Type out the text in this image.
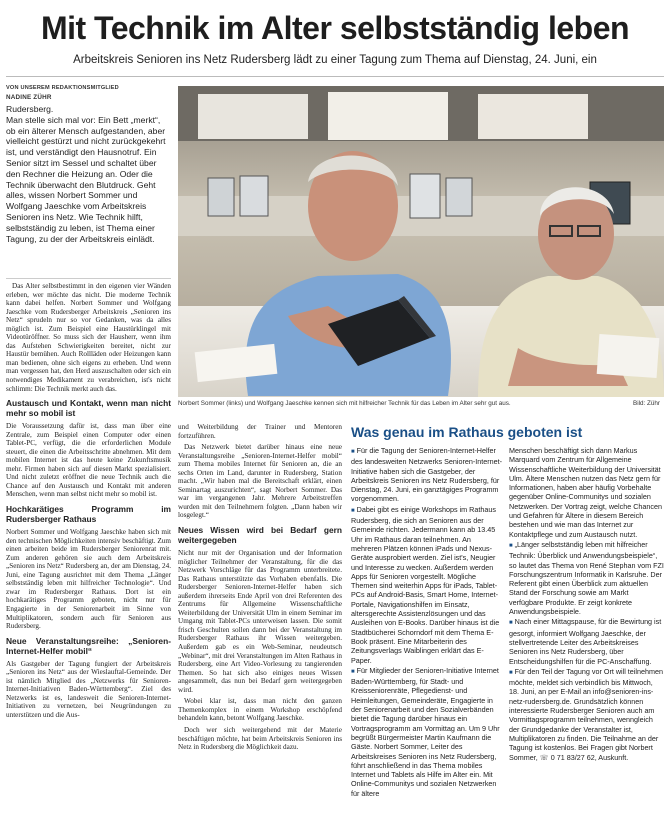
Mit Technik im Alter selbstständig leben
Arbeitskreis Senioren ins Netz Rudersberg lädt zu einer Tagung zum Thema auf Dienstag, 24. Juni, ein
VON UNSEREM REDAKTIONSMITGLIED
NADINE ZÜHR

Rudersberg.

Man stelle sich mal vor: Ein Bett „merkt“, ob ein älterer Mensch aufgestanden, aber vielleicht gestürzt und nicht zurückgekehrt ist, und verständigt den Hausnotruf. Ein Senior sitzt im Sessel und schaltet über den Rechner die Heizung an. Oder die Technik überwacht den Blutdruck. Geht alles, wissen Norbert Sommer und Wolfgang Jaeschke vom Arbeitskreis Senioren ins Netz. Wie Technik hilft, selbstständig zu leben, ist Thema einer Tagung, zu der der Arbeitskreis einlädt.

Das Alter selbstbestimmt in den eigenen vier Wänden erleben, wer möchte das nicht. Die moderne Technik kann dabei helfen. Norbert Sommer und Wolfgang Jaeschke vom Rudersberger Arbeitskreis „Senioren ins Netz“ sprudeln nur so vor Gedanken, was da alles möglich ist. Zum Beispiel eine Haustürklingel mit Videotüröffner. So muss sich der Hausherr, wenn ihm das Aufstehen Schwierigkeiten bereitet, nicht zur Haustür bemühen. Auch Rollläden oder Heizungen kann man bedienen, ohne sich eigens zu erheben. Und wenn man vergessen hat, den Herd auszuschalten oder sich ein notwendiges Medikament zu verabreichen, ist's nicht schlimm: Die Technik merkt auch das.

Austausch und Kontakt, wenn man nicht mehr so mobil ist

Die Voraussetzung dafür ist, dass man über eine Zentrale, zum Beispiel einen Computer oder einen Tablet-PC, verfügt, die die erforderlichen Module steuert, die einen die Arbeitsschritte abnehmen. Mit dem mobilen Internet ist das heute keine Zukunftsmusik mehr. Firmen haben sich auf diesen Markt spezialisiert. Und nicht zuletzt eröffnet die neue Technik auch die Chance auf den Austausch und Kontakt mit anderen Menschen, wenn man selbst nicht mehr so mobil ist.

Hochkarätiges Programm im Rudersberger Rathaus

Norbert Sommer und Wolfgang Jaeschke haben sich mit den technischen Möglichkeiten intensiv beschäftigt. Zum einen arbeiten beide im Rudersberger Seniorenrat mit. Zum anderen gehören sie auch dem Arbeitskreis „Senioren ins Netz“ Rudersberg an, der am Dienstag, 24. Juni, eine Tagung ausrichtet mit dem Thema „Länger selbstständig leben mit hilfreicher Technologie“. Und zwar im Rudersberger Rathaus. Dort ist ein hochkarätiges Programm geboten, nicht nur für Engagierte in der Seniorenarbeit im Sinne von Multiplikatoren, sondern auch für Senioren aus Rudersberg.

Neue Veranstaltungsreihe: „Senioren-Internet-Helfer mobil“

Als Gastgeber der Tagung fungiert der Arbeitskreis „Senioren ins Netz“ aus der Wieslauftal-Gemeinde. Der ist nämlich Mitglied des „Netzwerks für Senioren-Internet-Initiativen Baden-Württemberg“. Ziel des Netzwerks ist es, landesweit die Senioren-Internet-Initiativen zu vernetzen, bei Neugründungen zu unterstützen und die Aus-

Norbert Sommer (links) und Wolfgang Jaeschke kennen sich mit hilfreicher Technik für das Leben im Alter sehr gut aus.	Bild: Zühr

und Weiterbildung der Trainer und Mentoren fortzuführen.

Das Netzwerk bietet darüber hinaus eine neue Veranstaltungsreihe „Senioren-Internet-Helfer mobil“ zum Thema mobiles Internet für Senioren an, die an sechs Orten im Land, darunter in Rudersberg, Station macht. „Wir haben mal die Bereitschaft erklärt, einen Seminartag auszurichten“, sagt Norbert Sommer. Das war im vergangenen Jahr. Mehrere Arbeitstreffen wurden mit den Teilnehmern folgten. „Dann haben wir losgelegt.“

Neues Wissen wird bei Bedarf gern weitergegeben

Nicht nur mit der Organisation und der Information möglicher Teilnehmer der Veranstaltung, für die das Netzwerk Vorschläge für das Programm unterbreitete. Das Rathaus unterstützte das Vorhaben ebenfalls. Die Rudersberger Senioren-Internet-Helfer haben sich außerdem ihrerseits Ende April von drei Referenten des Zentrums für Allgemeine Wissenschaftliche Weiterbildung der Universität Ulm in einem Seminar im Umgang mit Tablet-PCs unterweisen lassen. Die somit frisch Geschulten sollen dann bei der Veranstaltung im Rudersberger Rathaus ihr Wissen weitergeben. Außerdem gab es ein Web-Seminar, neudeutsch „Webinar“, mit drei Veranstaltungen im Alten Rathaus in Rudersberg, eine Art Video-Vorlesung zu tangierenden Themen. So hat sich also einiges neues Wissen angesammelt, das nun bei Bedarf gern weitergegeben wird.

Wobei klar ist, dass man nicht den ganzen Themenkomplex in einem Workshop erschöpfend behandeln kann, betont Wolfgang Jaeschke.

Doch wer sich weitergehend mit der Materie beschäftigen möchte, hat beim Arbeitskreis Senioren ins Netz in Rudersberg die Möglichkeit dazu.

Was genau im Rathaus geboten ist

■ Für die Tagung der Senioren-Internet-Helfer des landesweiten Netzwerks Senioren-Internet-Initiative haben sich die Gastgeber, der Arbeitskreis Senioren ins Netz Rudersberg, für Dienstag, 24. Juni, ein ganztägiges Programm vorgenommen.

■ Dabei gibt es einige Workshops im Rathaus Rudersberg, die sich an Senioren aus der Gemeinde richten. Jedermann kann ab 13.45 Uhr im Rathaus daran teilnehmen. An mehreren Plätzen können iPads und Nexus-Geräte ausprobiert werden. Ziel ist's, Neugier und Interesse zu wecken. Außerdem werden Apps für Senioren vorgestellt. Mögliche Themen sind weiterhin Apps für iPads, Tablet-PCs auf Android-Basis, Smart Home, Internet-Portale, Navigationshilfen im Einsatz, altersgerechte Assistenzlösungen und das Ausleihen von E-Books. Darüber hinaus ist die Stadtbücherei Schorndorf mit dem Thema E-Book präsent. Eine Mitarbeiterin des Zeitungsverlags Waiblingen erklärt das E-Paper.

■ Für Mitglieder der Senioren-Initiative Internet Baden-Württemberg, für Stadt- und Kreisseniorenräte, Pflegedienst- und Heimleitungen, Gemeinderäte, Engagierte in der Seniorenarbeit und den Sozialverbänden bietet die Tagung darüber hinaus ein Vortragsprogramm am Vormittag an. Um 9 Uhr begrüßt Bürgermeister Martin Kaufmann die Gäste. Norbert Sommer, Leiter des Arbeitskreises Senioren ins Netz Rudersberg, führt anschließend in das Thema mobiles Internet und Tablets als Hilfe im Alter ein. Mit Online-Communitys und sozialen Netzwerken für ältere

Menschen beschäftigt sich dann Markus Marquard vom Zentrum für Allgemeine Wissenschaftliche Weiterbildung der Universität Ulm. Ältere Menschen nutzen das Netz gern für Informationen, haben aber häufig Vorbehalte gegenüber Online-Communitys und sozialen Netzwerken. Der Vortrag zeigt, welche Chancen und Gefahren für Ältere in diesem Bereich bestehen und wie man das Internet zur Kontaktpflege und zum Austausch nutzt.

■ „Länger selbstständig leben mit hilfreicher Technik: Überblick und Anwendungsbeispiele“, so lautet das Thema von René Stephan vom FZI Forschungszentrum Informatik in Karlsruhe. Der Referent gibt einen Überblick zum aktuellen Stand der Forschung sowie am Markt verfügbare Produkte. Er zeigt konkrete Anwendungsbeispiele.

■ Nach einer Mittagspause, für die Bewirtung ist gesorgt, informiert Wolfgang Jaeschke, der stellvertretende Leiter des Arbeitskreises Senioren ins Netz Rudersberg, über Entscheidungshilfen für die PC-Anschaffung.

■ Für den Teil der Tagung vor Ort will teilnehmen möchte, meldet sich verbindlich bis Mittwoch, 18. Juni, an per E-Mail an info@senioren-ins-netz-rudersberg.de. Grundsätzlich können interessierte Rudersberger Senioren auch am Vormittagsprogramm teilnehmen, wenngleich der Grundgedanke der Veranstalter ist, Multiplikatoren zu finden. Die Teilnahme an der Tagung ist kostenlos. Bei Fragen gibt Norbert Sommer, ☏ 0 71 83/27 62, Auskunft.
